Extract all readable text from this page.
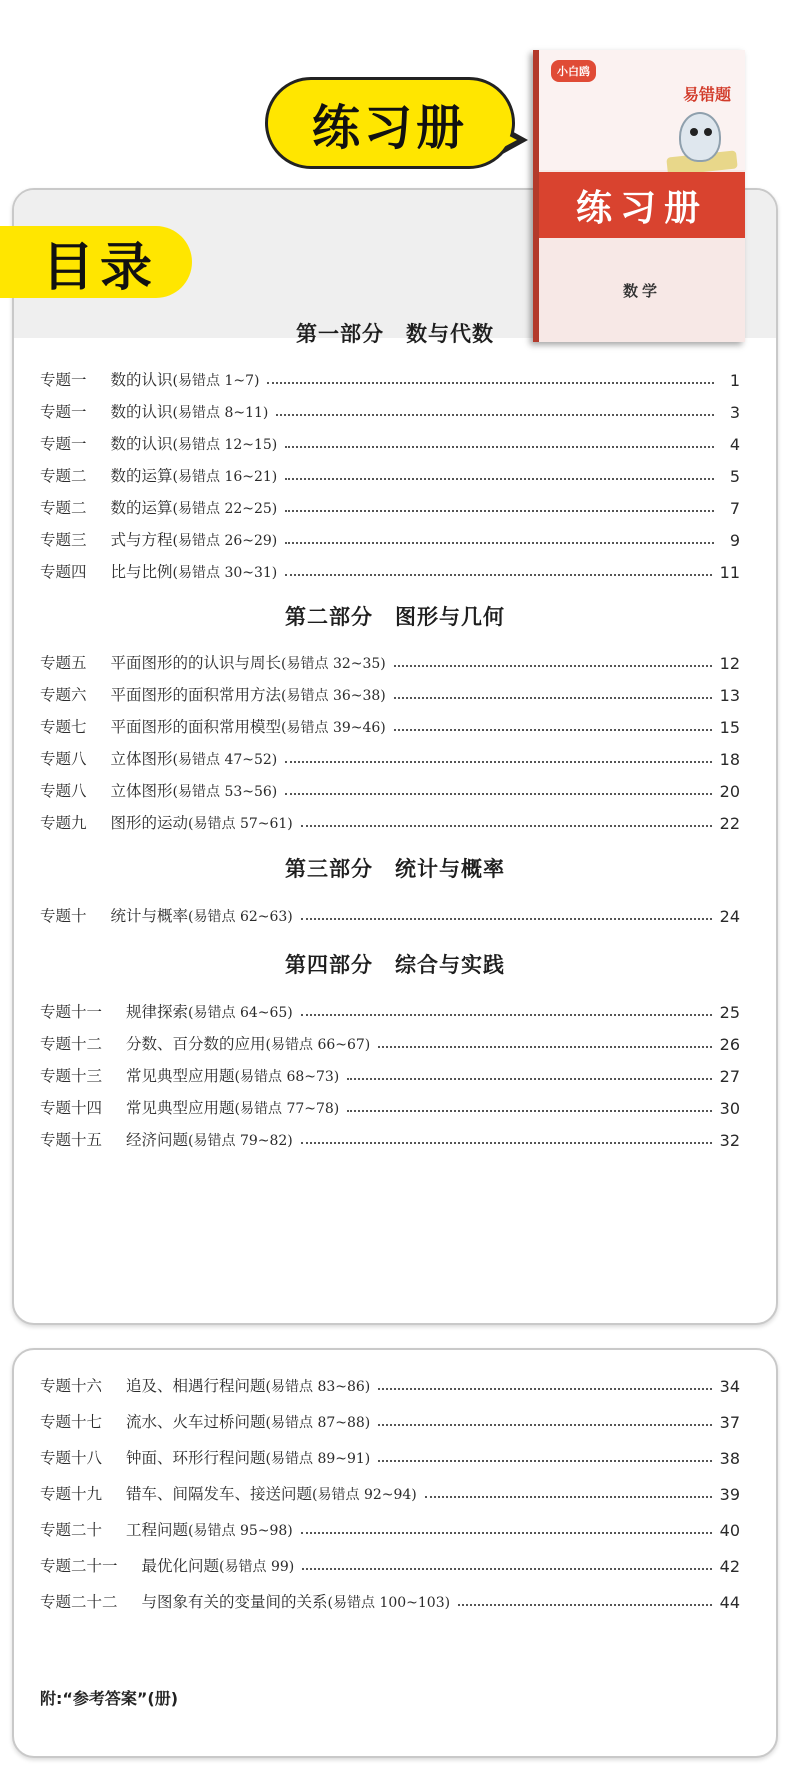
练习册
目录
小白鸥
易错题
练习册
数学
第一部分　数与代数
第二部分　图形与几何
第三部分　统计与概率
第四部分　综合与实践
专题一 数的认识 (易错点 1~7)	1
专题一 数的认识 (易错点 8~11)	3
专题一 数的认识 (易错点 12~15)	4
专题二 数的运算 (易错点 16~21)	5
专题二 数的运算 (易错点 22~25)	7
专题三 式与方程 (易错点 26~29)	9
专题四 比与比例 (易错点 30~31)	11
专题五 平面图形的的认识与周长 (易错点 32~35)	12
专题六 平面图形的面积常用方法 (易错点 36~38)	13
专题七 平面图形的面积常用模型 (易错点 39~46)	15
专题八 立体图形 (易错点 47~52)	18
专题八 立体图形 (易错点 53~56)	20
专题九 图形的运动 (易错点 57~61)	22
专题十 统计与概率 (易错点 62~63)	24
专题十一 规律探索 (易错点 64~65)	25
专题十二 分数、百分数的应用 (易错点 66~67)	26
专题十三 常见典型应用题 (易错点 68~73)	27
专题十四 常见典型应用题 (易错点 77~78)	30
专题十五 经济问题 (易错点 79~82)	32
专题十六 追及、相遇行程问题 (易错点 83~86)	34
专题十七 流水、火车过桥问题 (易错点 87~88)	37
专题十八 钟面、环形行程问题 (易错点 89~91)	38
专题十九 错车、间隔发车、接送问题 (易错点 92~94)	39
专题二十 工程问题 (易错点 95~98)	40
专题二十一 最优化问题 (易错点 99)	42
专题二十二 与图象有关的变量间的关系 (易错点 100~103)	44
附:“参考答案”(册)
